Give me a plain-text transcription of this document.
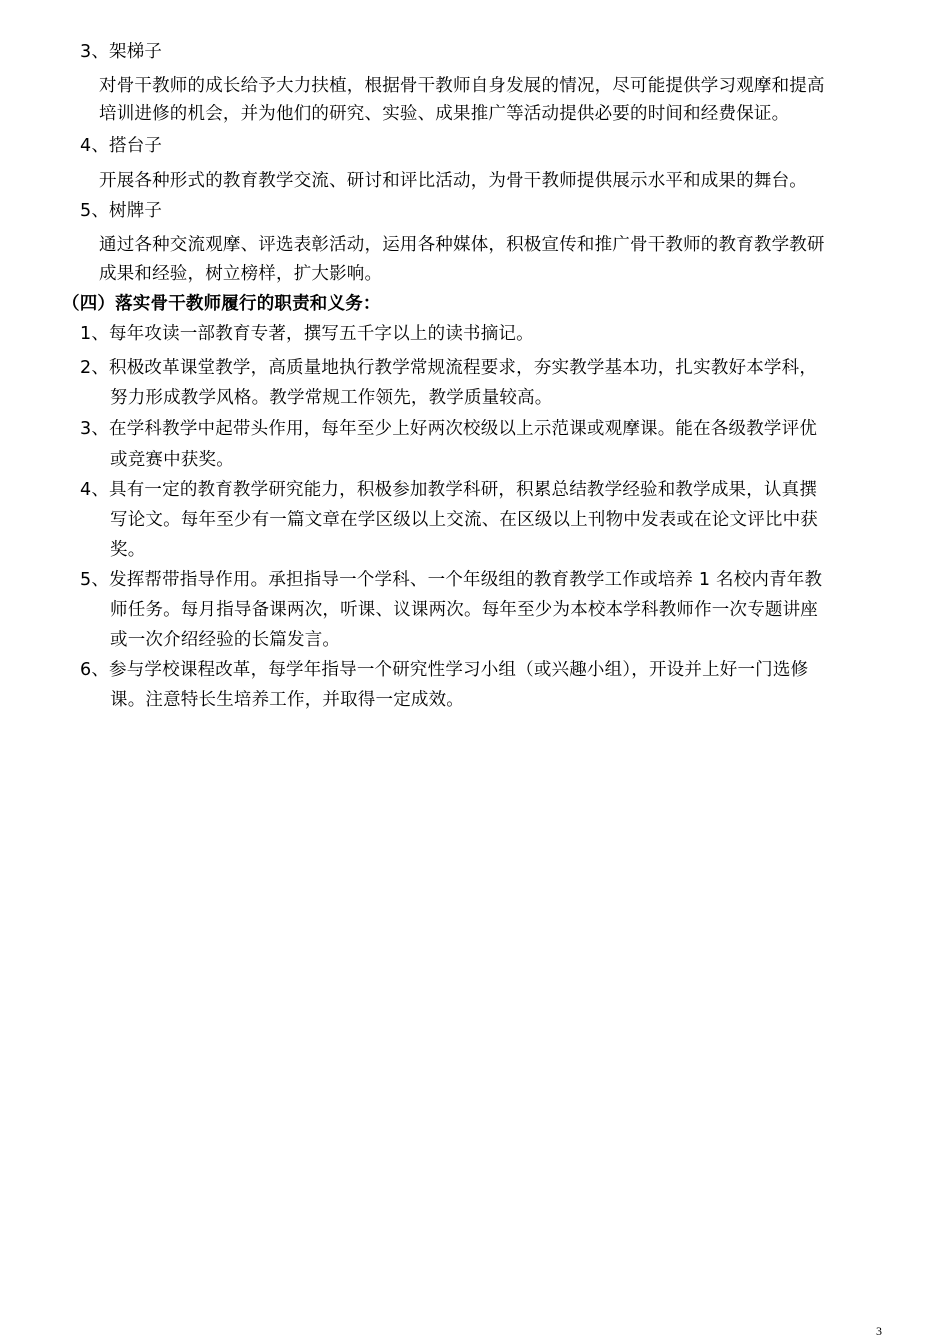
3、架梯子
对骨干教师的成长给予大力扶植，根据骨干教师自身发展的情况，尽可能提供学习观摩和提高
培训进修的机会，并为他们的研究、实验、成果推广等活动提供必要的时间和经费保证。
4、搭台子
开展各种形式的教育教学交流、研讨和评比活动，为骨干教师提供展示水平和成果的舞台。
5、树牌子
通过各种交流观摩、评选表彰活动，运用各种媒体，积极宣传和推广骨干教师的教育教学教研
成果和经验，树立榜样，扩大影响。
（四）落实骨干教师履行的职责和义务：
1、每年攻读一部教育专著，撰写五千字以上的读书摘记。
2、积极改革课堂教学，高质量地执行教学常规流程要求，夯实教学基本功，扎实教好本学科，
努力形成教学风格。教学常规工作领先，教学质量较高。
3、在学科教学中起带头作用，每年至少上好两次校级以上示范课或观摩课。能在各级教学评优
或竞赛中获奖。
4、具有一定的教育教学研究能力，积极参加教学科研，积累总结教学经验和教学成果，认真撰
写论文。每年至少有一篇文章在学区级以上交流、在区级以上刊物中发表或在论文评比中获
奖。
5、发挥帮带指导作用。承担指导一个学科、一个年级组的教育教学工作或培养 1 名校内青年教
师任务。每月指导备课两次，听课、议课两次。每年至少为本校本学科教师作一次专题讲座
或一次介绍经验的长篇发言。
6、参与学校课程改革，每学年指导一个研究性学习小组（或兴趣小组），开设并上好一门选修
课。注意特长生培养工作，并取得一定成效。
3
